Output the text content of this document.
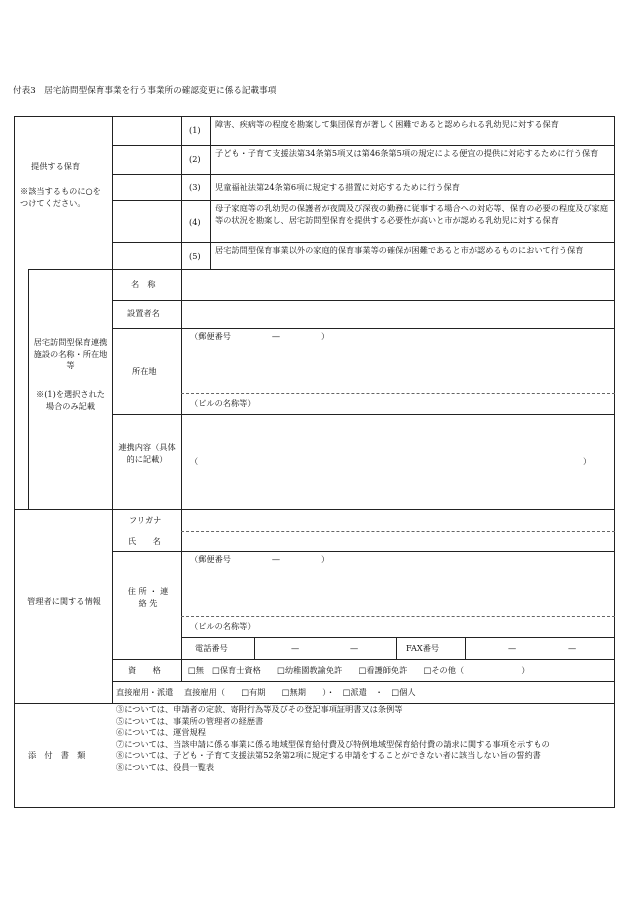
付表3　居宅訪問型保育事業を行う事業所の確認変更に係る記載事項
提供する保育
※該当するものに○をつけてください。
(1)
障害、疾病等の程度を勘案して集団保育が著しく困難であると認められる乳幼児に対する保育
(2)
子ども・子育て支援法第34条第5項又は第46条第5項の規定による便宜の提供に対応するために行う保育
(3) 児童福祉法第24条第6項に規定する措置に対応するために行う保育
(4)
母子家庭等の乳幼児の保護者が夜間及び深夜の勤務に従事する場合への対応等、保育の必要の程度及び家庭等の状況を勘案し、居宅訪問型保育を提供する必要性が高いと市が認める乳幼児に対する保育
(5)
居宅訪問型保育事業以外の家庭的保育事業等の確保が困難であると市が認めるものにおいて行う保育
居宅訪問型保育連携施設の名称・所在地等
※(1)を選択された場合のみ記載
名　称
設置者名
所在地
（郵便番号　　　　　—　　　　　）
（ビルの名称等）
連携内容（具体的に記載）	（	）
管理者に関する情報
フリガナ
氏　　名
住 所 ・ 連 絡 先
（郵便番号　　　　　—　　　　　）
（ビルの名称等）
電話番号	—	—	FAX番号	—	—
資　　格	□無　□保育士資格　　□幼稚園教諭免許　　□看護師免許　　□その他（　　　　　　　）
直接雇用・派遣 直接雇用（　　□有期　　□無期　　）・　□派遣　・　□個人
添　付　書　類
③については、申請者の定款、寄附行為等及びその登記事項証明書又は条例等
⑤については、事業所の管理者の経歴書
⑥については、運営規程
⑦については、当該申請に係る事業に係る地域型保育給付費及び特例地域型保育給付費の請求に関する事項を示すもの
⑧については、子ども・子育て支援法第52条第2項に規定する申請をすることができない者に該当しない旨の誓約書
⑧については、役員一覧表
